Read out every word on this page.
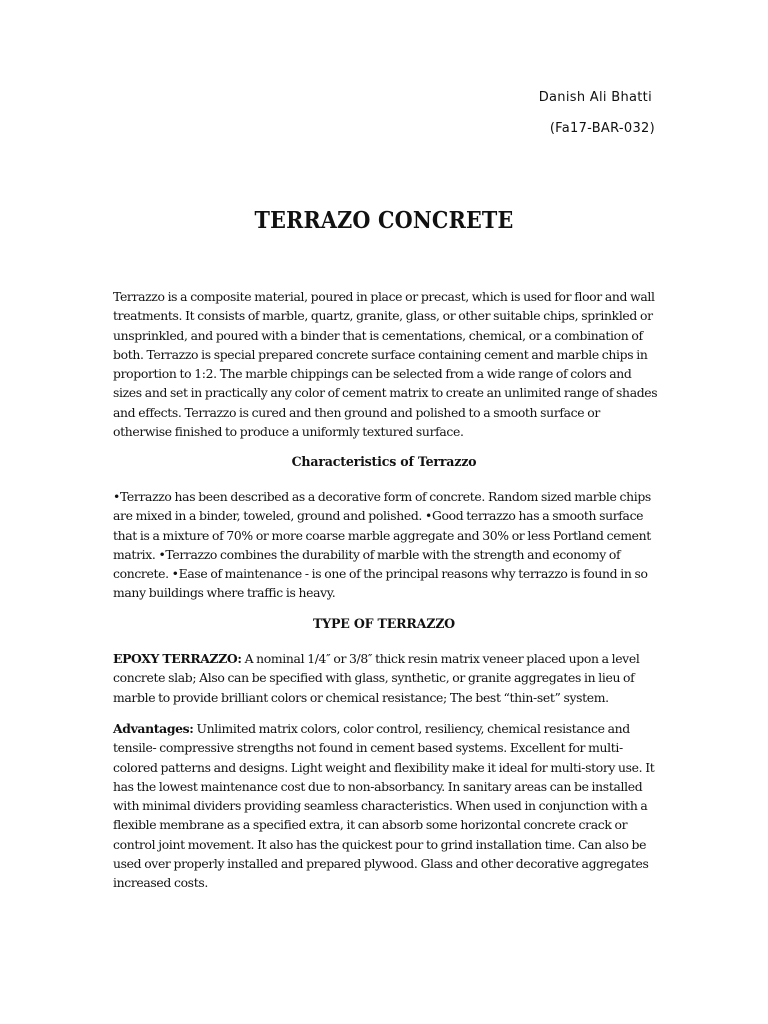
Danish Ali Bhatti

(Fa17-BAR-032)

TERRAZO CONCRETE

Terrazzo is a composite material, poured in place or precast, which is used for floor and wall treatments. It consists of marble, quartz, granite, glass, or other suitable chips, sprinkled or unsprinkled, and poured with a binder that is cementations, chemical, or a combination of both. Terrazzo is special prepared concrete surface containing cement and marble chips in proportion to 1:2. The marble chippings can be selected from a wide range of colors and sizes and set in practically any color of cement matrix to create an unlimited range of shades and effects. Terrazzo is cured and then ground and polished to a smooth surface or otherwise finished to produce a uniformly textured surface.

Characteristics of Terrazzo

•Terrazzo has been described as a decorative form of concrete. Random sized marble chips are mixed in a binder, toweled, ground and polished. •Good terrazzo has a smooth surface that is a mixture of 70% or more coarse marble aggregate and 30% or less Portland cement matrix. •Terrazzo combines the durability of marble with the strength and economy of concrete. •Ease of maintenance - is one of the principal reasons why terrazzo is found in so many buildings where traffic is heavy.

TYPE OF TERRAZZO

EPOXY TERRAZZO: A nominal 1/4″ or 3/8″ thick resin matrix veneer placed upon a level concrete slab; Also can be specified with glass, synthetic, or granite aggregates in lieu of marble to provide brilliant colors or chemical resistance; The best “thin-set” system.

Advantages: Unlimited matrix colors, color control, resiliency, chemical resistance and tensile- compressive strengths not found in cement based systems. Excellent for multi-colored patterns and designs. Light weight and flexibility make it ideal for multi-story use. It has the lowest maintenance cost due to non-absorbancy. In sanitary areas can be installed with minimal dividers providing seamless characteristics. When used in conjunction with a flexible membrane as a specified extra, it can absorb some horizontal concrete crack or control joint movement. It also has the quickest pour to grind installation time. Can also be used over properly installed and prepared plywood. Glass and other decorative aggregates increased costs.
